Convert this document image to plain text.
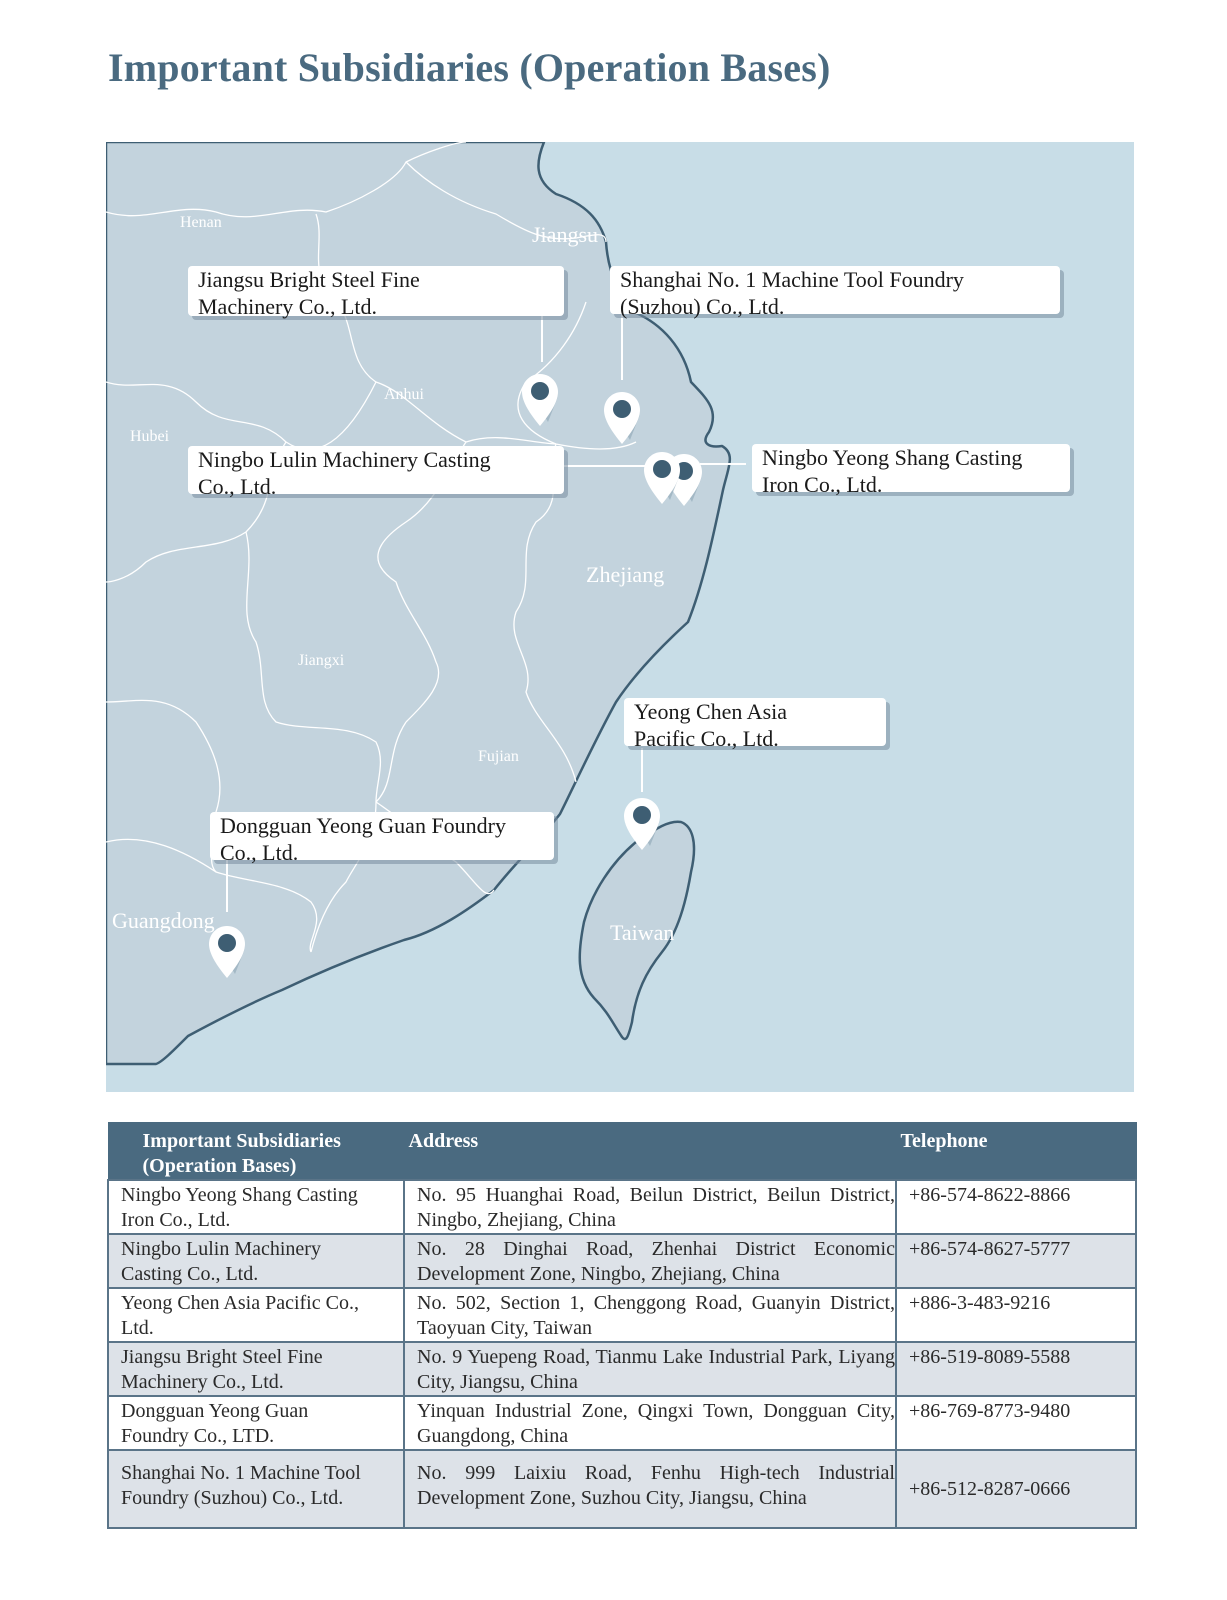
Important Subsidiaries (Operation Bases)
Henan	Jiangsu
Anhui
Hubei
Zhejiang
Jiangxi
Fujian
Guangdong	Taiwan
Jiangsu Bright Steel Fine
Machinery Co., Ltd.
Shanghai No. 1 Machine Tool Foundry
(Suzhou) Co., Ltd.
Ningbo Lulin Machinery Casting
Co., Ltd.
Ningbo Yeong Shang Casting
Iron Co., Ltd.
Yeong Chen Asia
Pacific Co., Ltd.
Dongguan Yeong Guan Foundry
Co., Ltd.
Important Subsidiaries
(Operation Bases)	Address	Telephone

Ningbo Yeong Shang Casting
Iron Co., Ltd.	No. 95 Huanghai Road, Beilun District, Beilun District, Ningbo, Zhejiang, China	+86-574-8622-8866

Ningbo Lulin Machinery
Casting Co., Ltd.	No. 28 Dinghai Road, Zhenhai District Economic Development Zone, Ningbo, Zhejiang, China	+86-574-8627-5777

Yeong Chen Asia Pacific Co.,
Ltd.	No. 502, Section 1, Chenggong Road, Guanyin District, Taoyuan City, Taiwan	+886-3-483-9216

Jiangsu Bright Steel Fine
Machinery Co., Ltd.	No. 9 Yuepeng Road, Tianmu Lake Industrial Park, Liyang City, Jiangsu, China	+86-519-8089-5588

Dongguan Yeong Guan
Foundry Co., LTD.	Yinquan Industrial Zone, Qingxi Town, Dongguan City, Guangdong, China	+86-769-8773-9480

Shanghai No. 1 Machine Tool
Foundry (Suzhou) Co., Ltd.	No. 999 Laixiu Road, Fenhu High-tech Industrial Development Zone, Suzhou City, Jiangsu, China	+86-512-8287-0666
